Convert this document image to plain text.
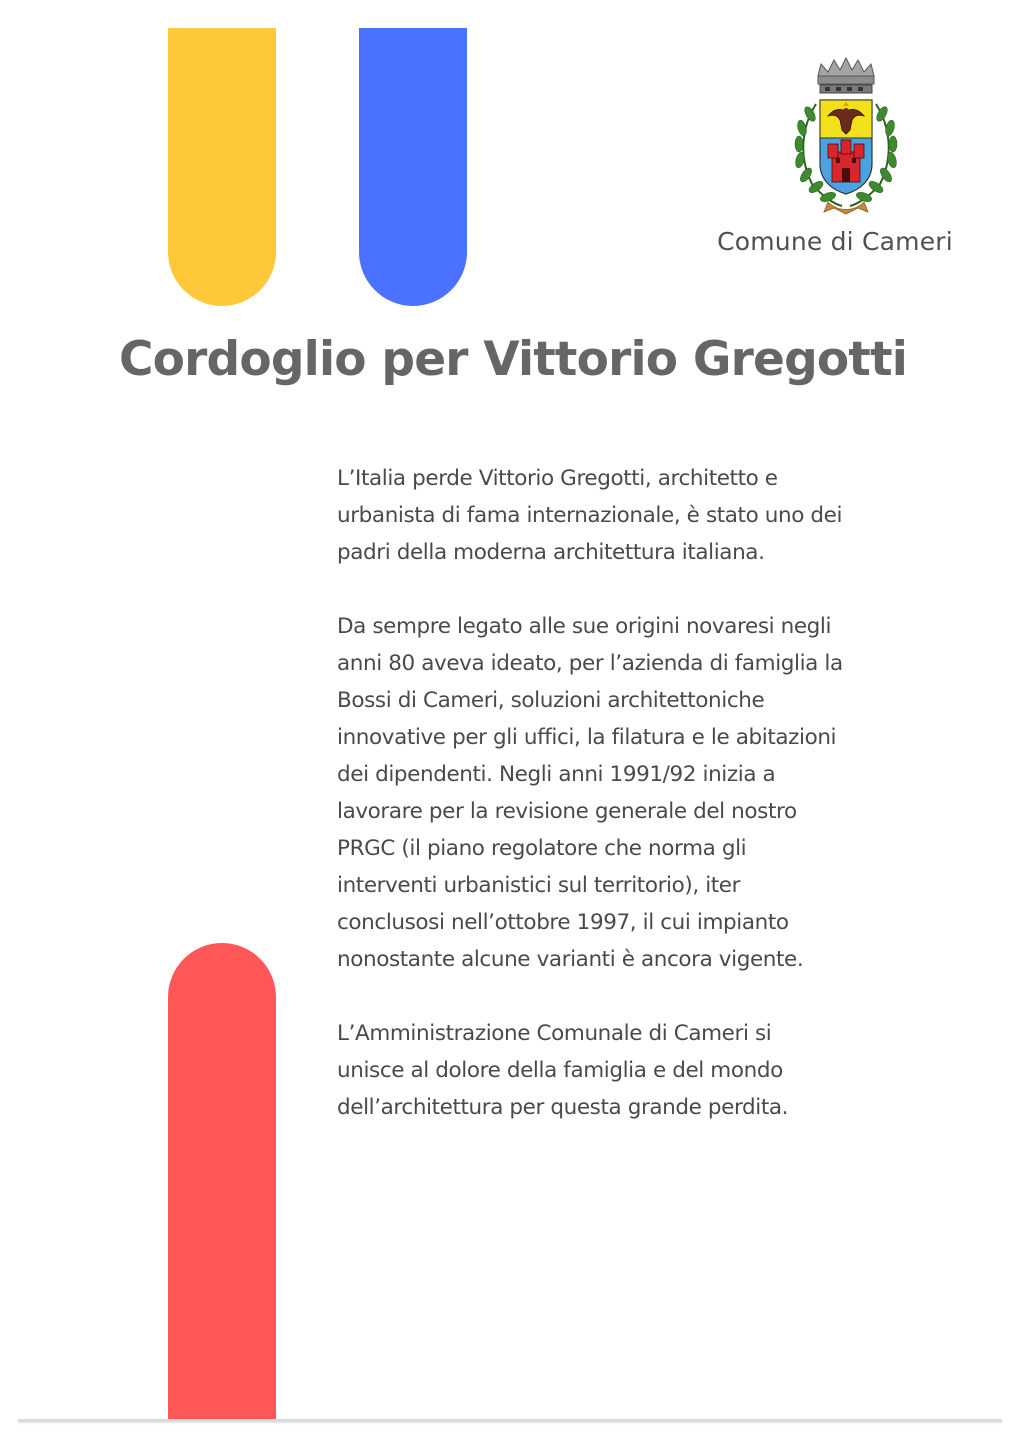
Comune di Cameri
Cordoglio per Vittorio Gregotti

L’Italia perde Vittorio Gregotti, architetto e
urbanista di fama internazionale, è stato uno dei
padri della moderna architettura italiana.

Da sempre legato alle sue origini novaresi negli
anni 80 aveva ideato, per l’azienda di famiglia la
Bossi di Cameri, soluzioni architettoniche
innovative per gli uffici, la filatura e le abitazioni
dei dipendenti. Negli anni 1991/92 inizia a
lavorare per la revisione generale del nostro
PRGC (il piano regolatore che norma gli
interventi urbanistici sul territorio), iter
conclusosi nell’ottobre 1997, il cui impianto
nonostante alcune varianti è ancora vigente.

L’Amministrazione Comunale di Cameri si
unisce al dolore della famiglia e del mondo
dell’architettura per questa grande perdita.
